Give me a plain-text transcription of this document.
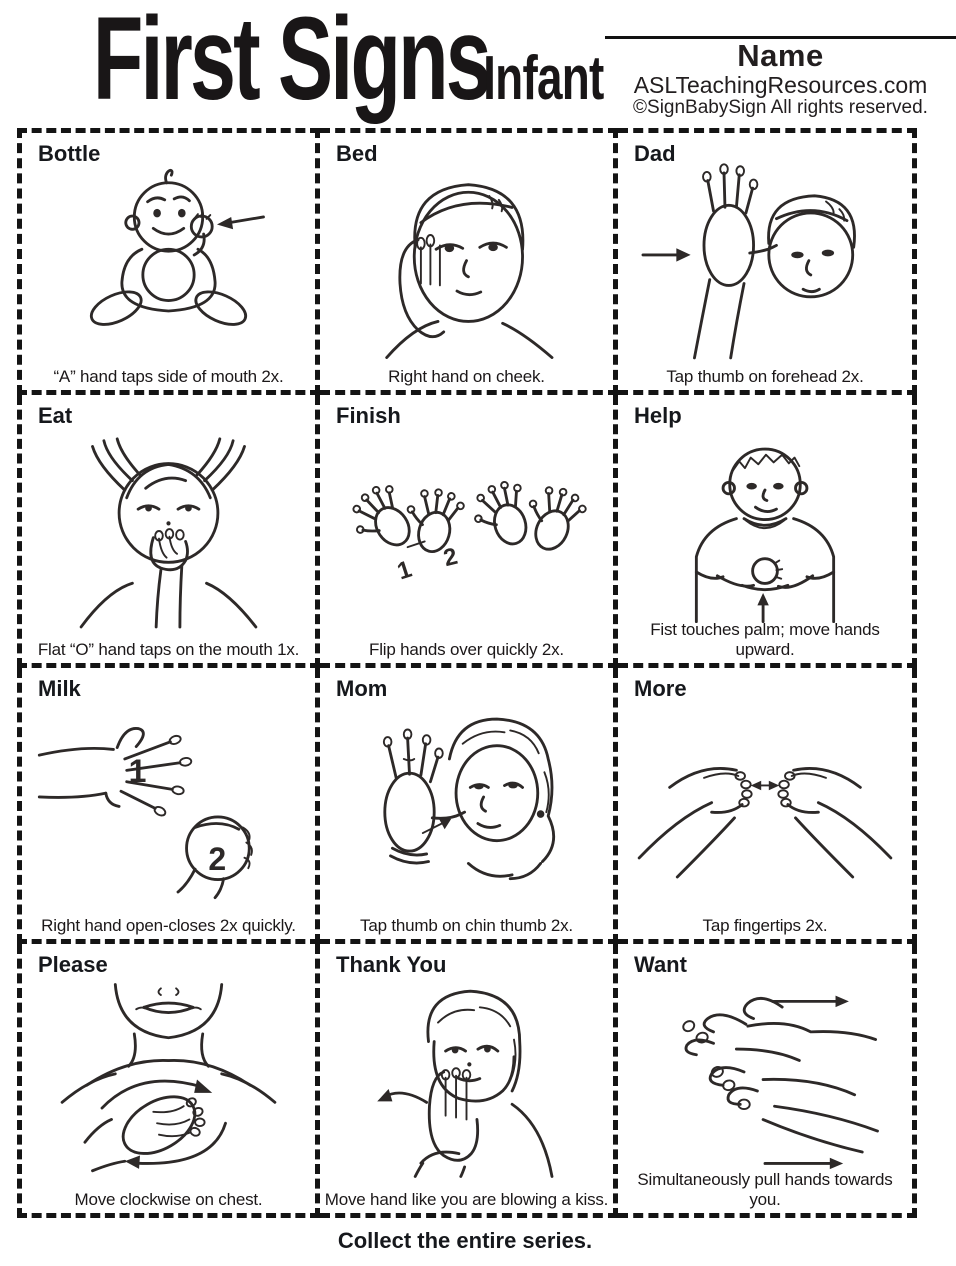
First Signs
Infant	Name
ASLTeachingResources.com
©SignBabySign All rights reserved.
Bottle
“A” hand taps side of mouth 2x.
Bed
Right hand on cheek.
Dad
Tap thumb on forehead 2x.
Eat
Flat “O” hand taps on the mouth 1x.
Finish
1 2
Flip hands over quickly 2x.
Help
Fist touches palm; move hands upward.
Milk
1
2
Right hand open-closes 2x quickly.
Mom
Tap thumb on chin thumb 2x.
More
Tap fingertips 2x.
Please
Move clockwise on chest.
Thank You
Move hand like you are blowing a kiss.
Want
Simultaneously pull hands towards you.
Collect the entire series.
